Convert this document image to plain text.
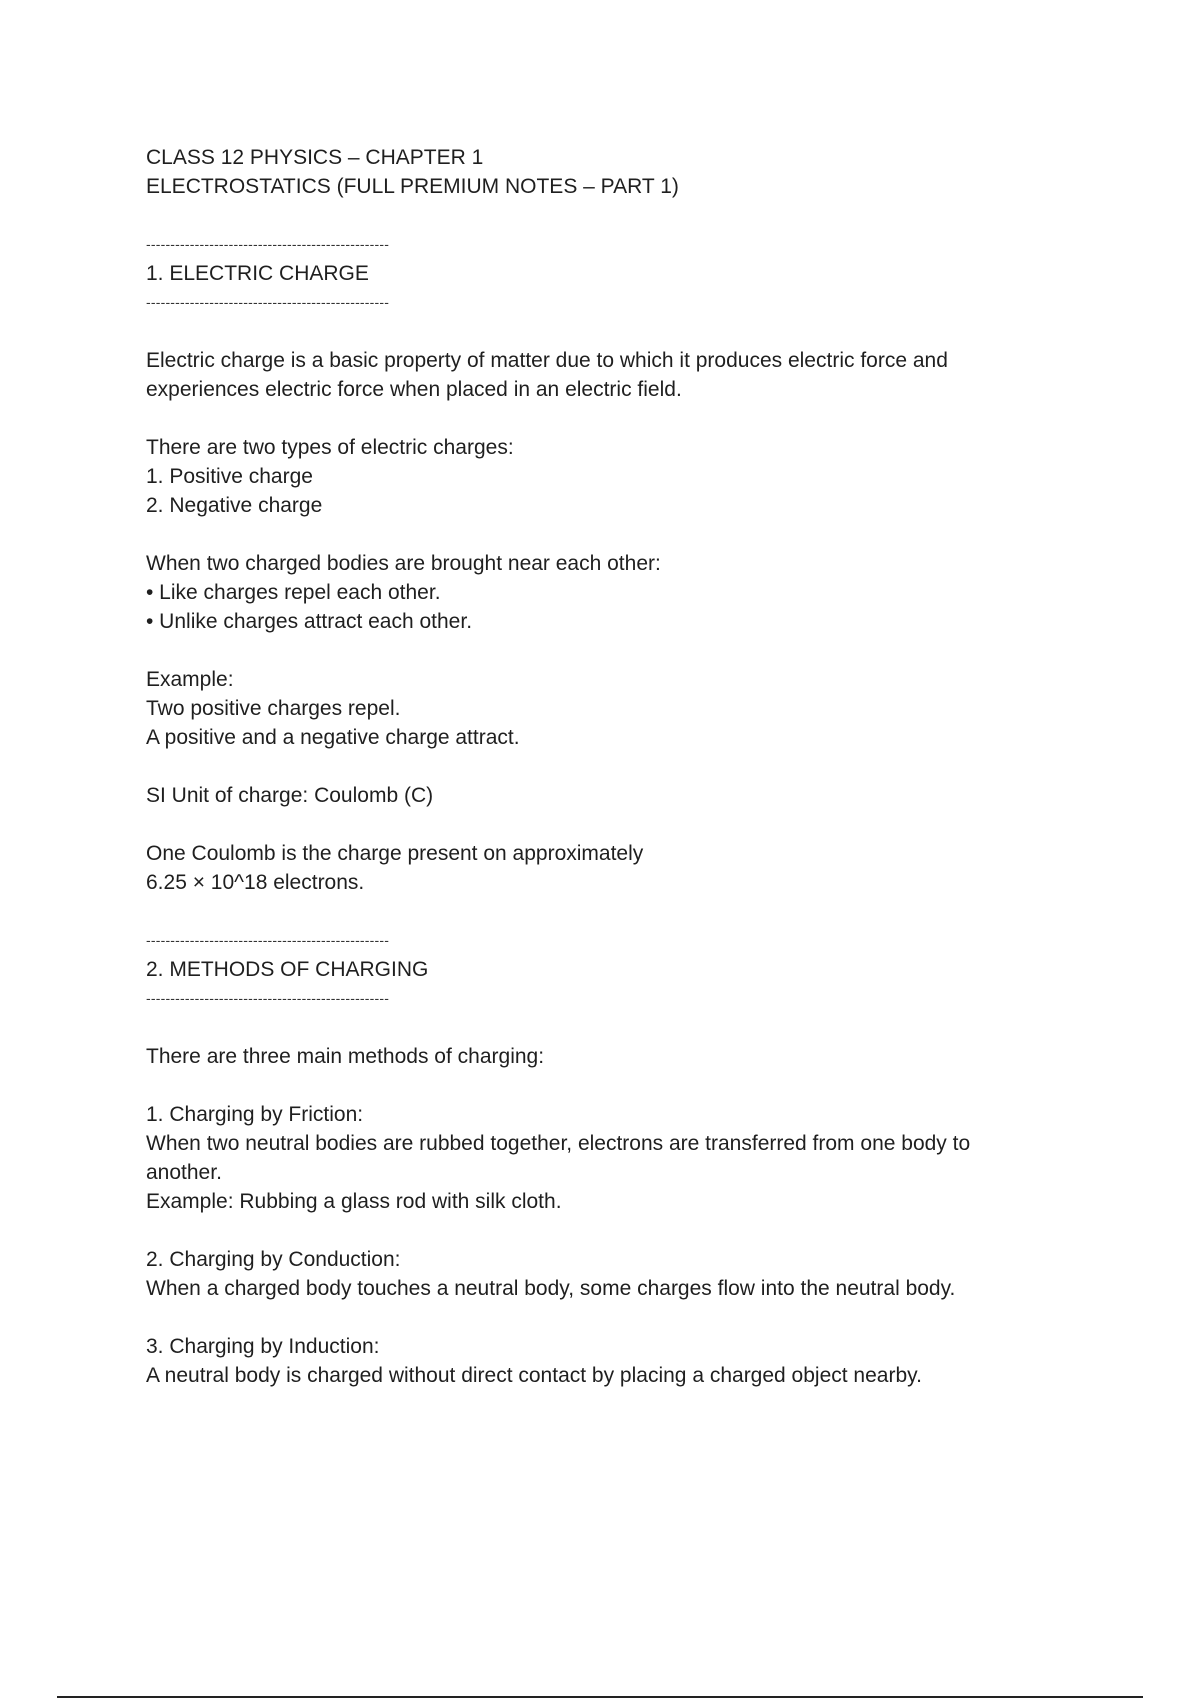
CLASS 12 PHYSICS – CHAPTER 1

ELECTROSTATICS (FULL PREMIUM NOTES – PART 1)

--------------------------------------------------

1. ELECTRIC CHARGE

--------------------------------------------------

Electric charge is a basic property of matter due to which it produces electric force and experiences electric force when placed in an electric field.

There are two types of electric charges:

1. Positive charge

2. Negative charge

When two charged bodies are brought near each other:

• Like charges repel each other.

• Unlike charges attract each other.

Example:

Two positive charges repel.

A positive and a negative charge attract.

SI Unit of charge: Coulomb (C)

One Coulomb is the charge present on approximately

6.25 × 10^18 electrons.

--------------------------------------------------

2. METHODS OF CHARGING

--------------------------------------------------

There are three main methods of charging:

1. Charging by Friction:

When two neutral bodies are rubbed together, electrons are transferred from one body to another.

Example: Rubbing a glass rod with silk cloth.

2. Charging by Conduction:

When a charged body touches a neutral body, some charges flow into the neutral body.

3. Charging by Induction:

A neutral body is charged without direct contact by placing a charged object nearby.
